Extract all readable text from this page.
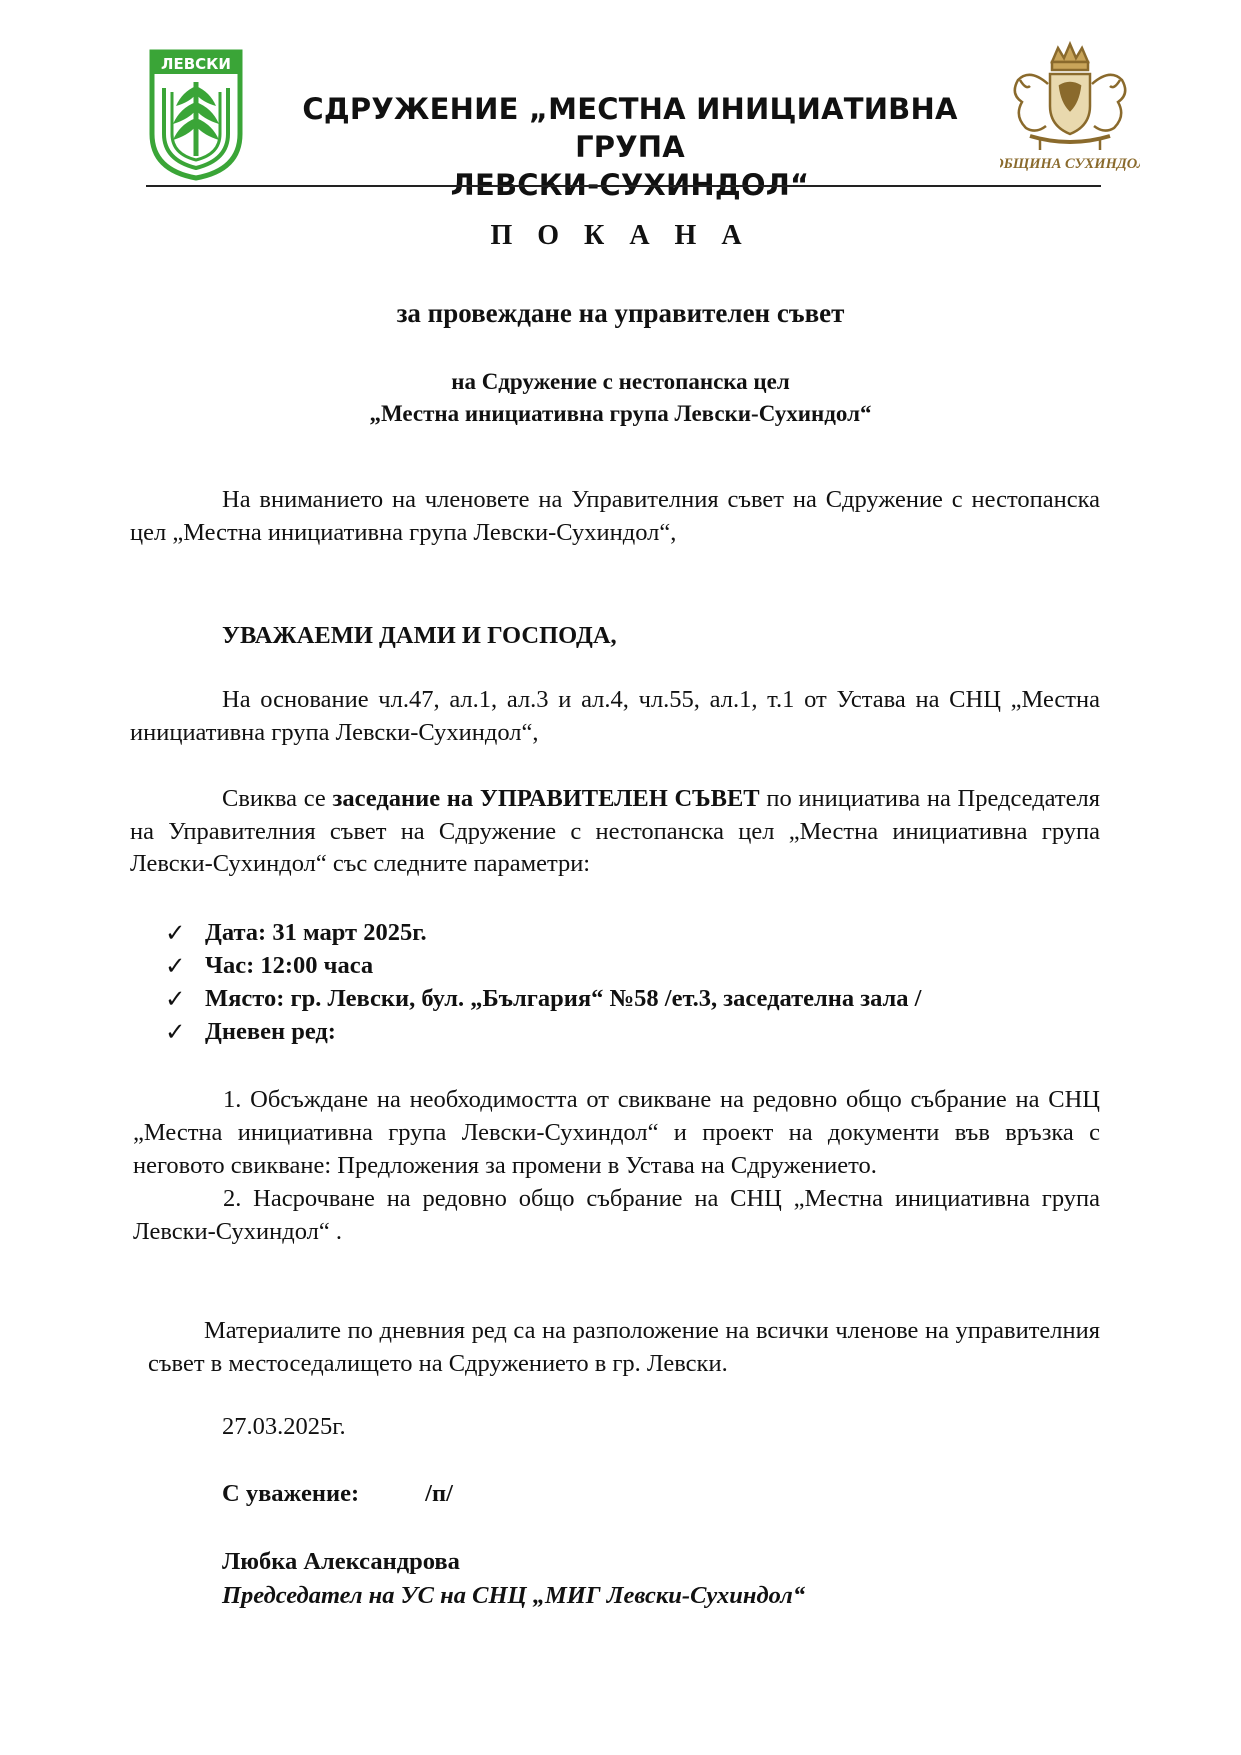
ЛЕВСКИ
СДРУЖЕНИЕ „МЕСТНА ИНИЦИАТИВНА ГРУПА
ЛЕВСКИ-СУХИНДОЛ“
ОБЩИНА СУХИНДОЛ
П О К А Н А
за провеждане на управителен съвет
на Сдружение с нестопанска цел
„Местна инициативна група Левски-Сухиндол“
На вниманието на членовете на Управителния съвет на Сдружение с нестопанска цел „Местна инициативна група Левски-Сухиндол“,
УВАЖАЕМИ ДАМИ И ГОСПОДА,
На основание чл.47, ал.1, ал.3 и ал.4, чл.55, ал.1, т.1 от Устава на СНЦ „Местна инициативна група Левски-Сухиндол“,
Свиква се заседание на УПРАВИТЕЛЕН СЪВЕТ по инициатива на Председателя на Управителния съвет на Сдружение с нестопанска цел „Местна инициативна група Левски-Сухиндол“ със следните параметри:
✓ Дата: 31 март 2025г.
✓ Час: 12:00 часа
✓ Място: гр. Левски, бул. „България“ №58 /ет.3, заседателна зала /
✓ Дневен ред:

1. Обсъждане на необходимостта от свикване на редовно общо събрание на СНЦ „Местна инициативна група Левски-Сухиндол“ и проект на документи във връзка с неговото свикване: Предложения за промени в Устава на Сдружението.

2. Насрочване на редовно общо събрание на СНЦ „Местна инициативна група Левски-Сухиндол“ .

Материалите по дневния ред са на разположение на всички членове на управителния съвет в местоседалището на Сдружението в гр. Левски.
27.03.2025г.
С уважение:	/п/
Любка Александрова
Председател на УС на СНЦ „МИГ Левски-Сухиндол“
